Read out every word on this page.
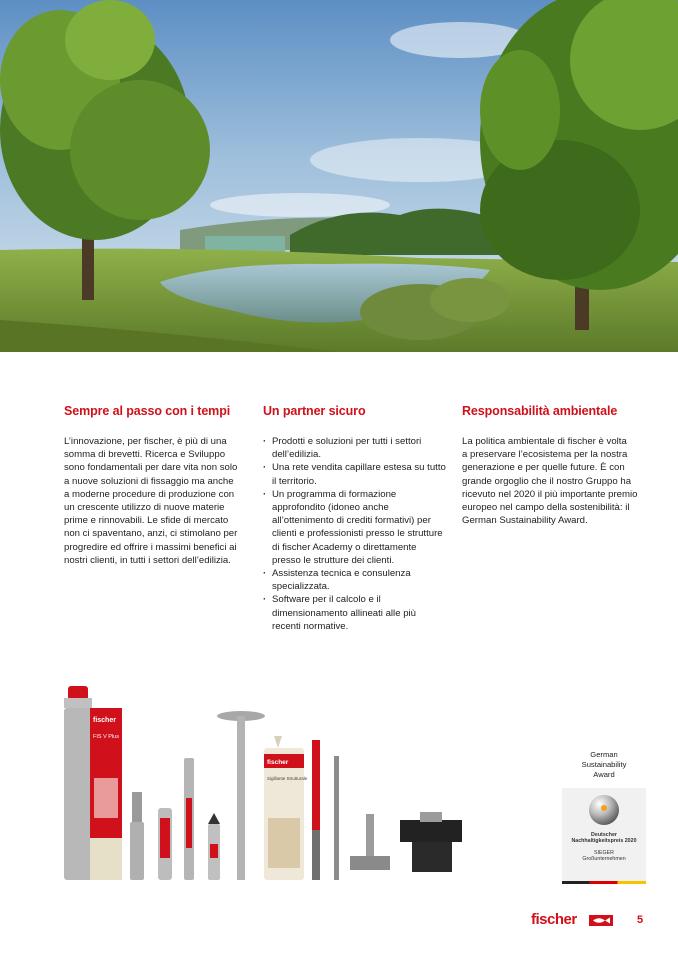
Sempre al passo con i tempi

L’innovazione, per fischer, è più di una
somma di brevetti. Ricerca e Sviluppo
sono fondamentali per dare vita non solo
a nuove soluzioni di fissaggio ma anche
a moderne procedure di produzione con
un crescente utilizzo di nuove materie
prime e rinnovabili. Le sfide di mercato
non ci spaventano, anzi, ci stimolano per
progredire ed offrire i massimi benefici ai
nostri clienti, in tutti i settori dell’edilizia.

Un partner sicuro
· Prodotti e soluzioni per tutti i settori
dell’edilizia.
· Una rete vendita capillare estesa su tutto
il territorio.
· Un programma di formazione
approfondito (idoneo anche
all’ottenimento di crediti formativi) per
clienti e professionisti presso le strutture
di fischer Academy o direttamente
presso le strutture dei clienti.
· Assistenza tecnica e consulenza
specializzata.
· Software per il calcolo e il
dimensionamento allineati alle più
recenti normative.
Responsabilità ambientale

La politica ambientale di fischer è volta
a preservare l’ecosistema per la nostra
generazione e per quelle future. È con
grande orgoglio che il nostro Gruppo ha
ricevuto nel 2020 il più importante premio
europeo nel campo della sostenibilità: il
German Sustainability Award.

fischer
FIS V Plus
fischer
Sigillante Strutturale
German
Sustainability
Award
Deutscher
Nachhaltigkeitspreis 2020
SIEGER
Großunternehmen
fischer	5
